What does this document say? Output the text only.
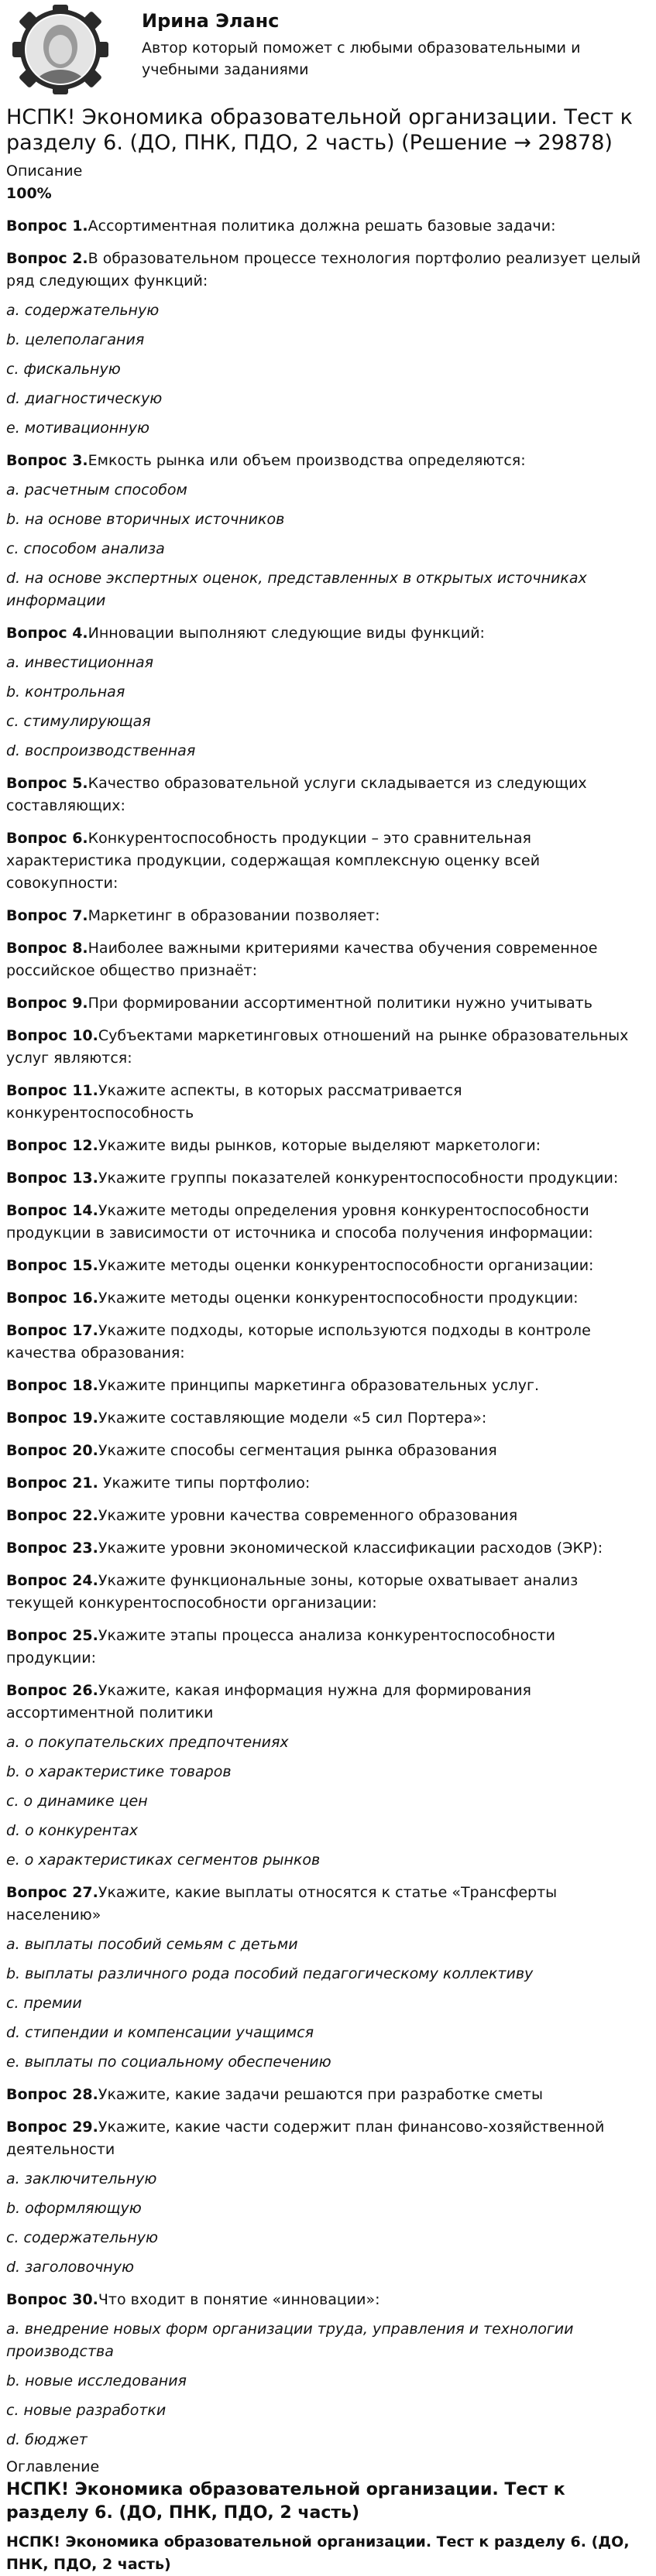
Ирина Эланс
Автор который поможет с любыми образовательными и учебными заданиями
НСПК! Экономика образовательной организации. Тест к разделу 6. (ДО, ПНК, ПДО, 2 часть) (Решение → 29878)
Описание
100%
Вопрос 1.Ассортиментная политика должна решать базовые задачи:
Вопрос 2.В образовательном процессе технология портфолио реализует целый ряд следующих функций:
a. содержательную
b. целеполагания
c. фискальную
d. диагностическую
e. мотивационную
Вопрос 3.Емкость рынка или объем производства определяются:
a. расчетным способом
b. на основе вторичных источников
c. способом анализа
d. на основе экспертных оценок, представленных в открытых источниках информации
Вопрос 4.Инновации выполняют следующие виды функций:
a. инвестиционная
b. контрольная
c. стимулирующая
d. воспроизводственная
Вопрос 5.Качество образовательной услуги складывается из следующих составляющих:
Вопрос 6.Конкурентоспособность продукции – это сравнительная характеристика продукции, содержащая комплексную оценку всей совокупности:
Вопрос 7.Маркетинг в образовании позволяет:
Вопрос 8.Наиболее важными критериями качества обучения современное российское общество признаёт:
Вопрос 9.При формировании ассортиментной политики нужно учитывать
Вопрос 10.Субъектами маркетинговых отношений на рынке образовательных услуг являются:
Вопрос 11.Укажите аспекты, в которых рассматривается конкурентоспособность
Вопрос 12.Укажите виды рынков, которые выделяют маркетологи:
Вопрос 13.Укажите группы показателей конкурентоспособности продукции:
Вопрос 14.Укажите методы определения уровня конкурентоспособности продукции в зависимости от источника и способа получения информации:
Вопрос 15.Укажите методы оценки конкурентоспособности организации:
Вопрос 16.Укажите методы оценки конкурентоспособности продукции:
Вопрос 17.Укажите подходы, которые используются подходы в контроле качества образования:
Вопрос 18.Укажите принципы маркетинга образовательных услуг.
Вопрос 19.Укажите составляющие модели «5 сил Портера»:
Вопрос 20.Укажите способы сегментация рынка образования
Вопрос 21. Укажите типы портфолио:
Вопрос 22.Укажите уровни качества современного образования
Вопрос 23.Укажите уровни экономической классификации расходов (ЭКР):
Вопрос 24.Укажите функциональные зоны, которые охватывает анализ текущей конкурентоспособности организации:
Вопрос 25.Укажите этапы процесса анализа конкурентоспособности продукции:
Вопрос 26.Укажите, какая информация нужна для формирования ассортиментной политики
a. о покупательских предпочтениях
b. о характеристике товаров
c. о динамике цен
d. о конкурентах
e. о характеристиках сегментов рынков
Вопрос 27.Укажите, какие выплаты относятся к статье «Трансферты населению»
a. выплаты пособий семьям с детьми
b. выплаты различного рода пособий педагогическому коллективу
c. премии
d. стипендии и компенсации учащимся
e. выплаты по социальному обеспечению
Вопрос 28.Укажите, какие задачи решаются при разработке сметы
Вопрос 29.Укажите, какие части содержит план финансово-хозяйственной деятельности
a. заключительную
b. оформляющую
c. содержательную
d. заголовочную
Вопрос 30.Что входит в понятие «инновации»:
a. внедрение новых форм организации труда, управления и технологии производства
b. новые исследования
c. новые разработки
d. бюджет
Оглавление
НСПК! Экономика образовательной организации. Тест к разделу 6. (ДО, ПНК, ПДО, 2 часть)
НСПК! Экономика образовательной организации. Тест к разделу 6. (ДО, ПНК, ПДО, 2 часть)
